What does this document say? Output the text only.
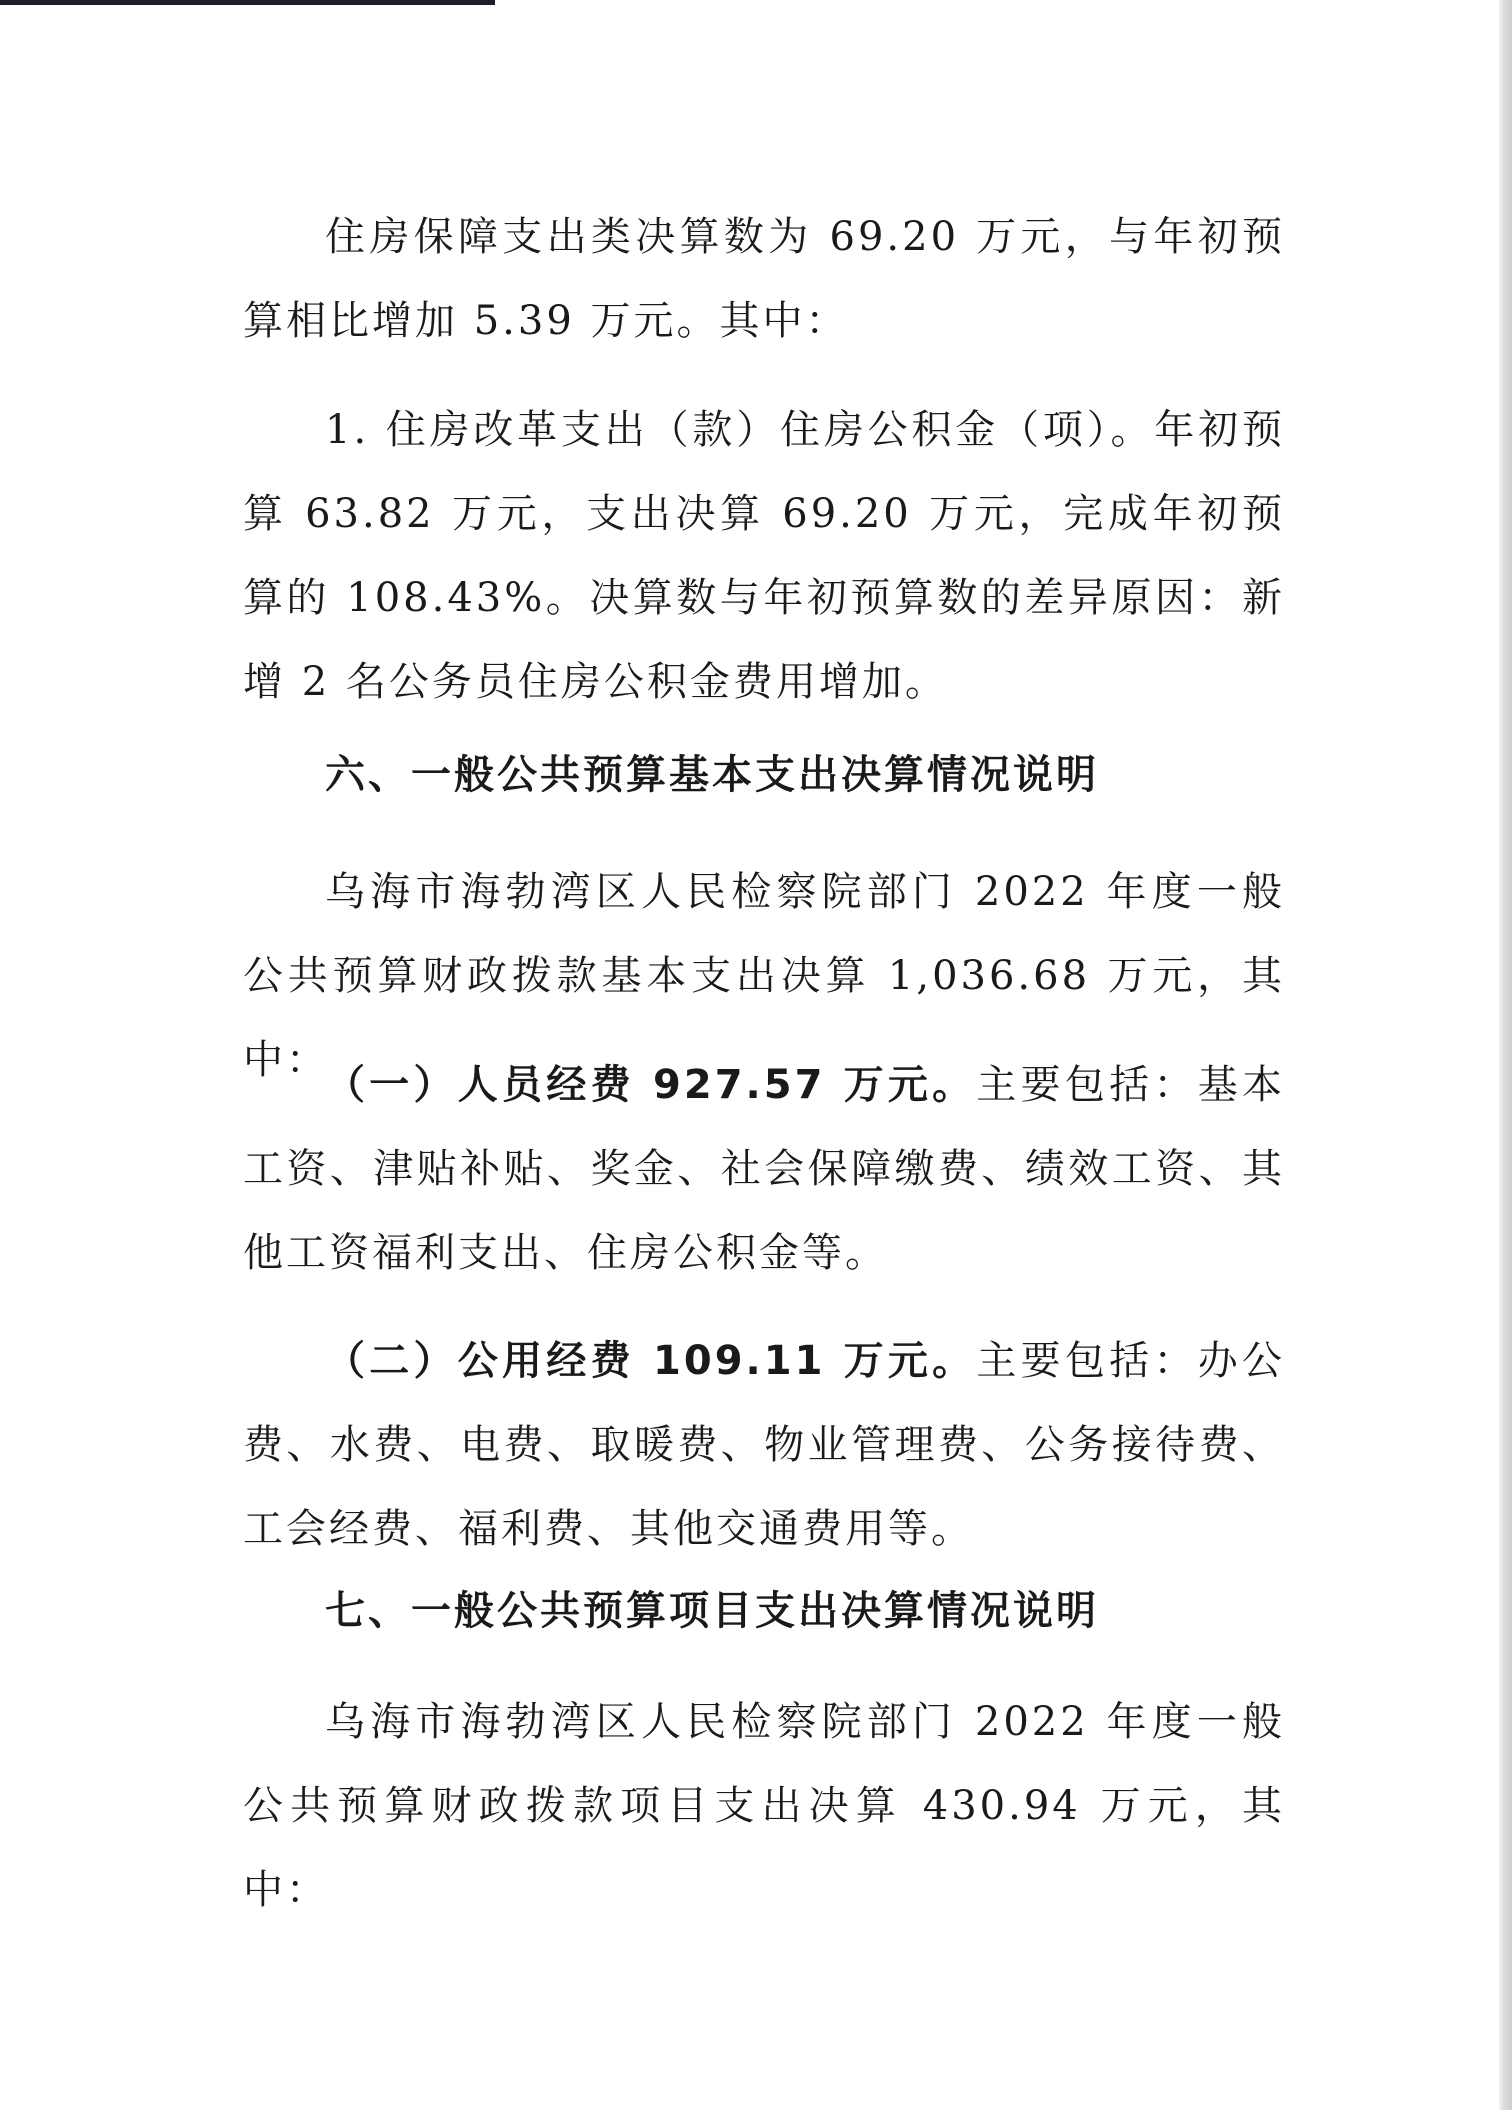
住房保障支出类决算数为 69.20 万元，与年初预算相比增加 5.39 万元。其中：

1. 住房改革支出（款）住房公积金（项）。年初预算 63.82 万元，支出决算 69.20 万元，完成年初预算的 108.43%。决算数与年初预算数的差异原因：新增 2 名公务员住房公积金费用增加。

六、一般公共预算基本支出决算情况说明

乌海市海勃湾区人民检察院部门 2022 年度一般公共预算财政拨款基本支出决算 1,036.68 万元，其中：

（一）人员经费 927.57 万元。主要包括：基本工资、津贴补贴、奖金、社会保障缴费、绩效工资、其他工资福利支出、住房公积金等。

（二）公用经费 109.11 万元。主要包括：办公费、水费、电费、取暖费、物业管理费、公务接待费、工会经费、福利费、其他交通费用等。

七、一般公共预算项目支出决算情况说明

乌海市海勃湾区人民检察院部门 2022 年度一般公共预算财政拨款项目支出决算 430.94 万元，其中：
